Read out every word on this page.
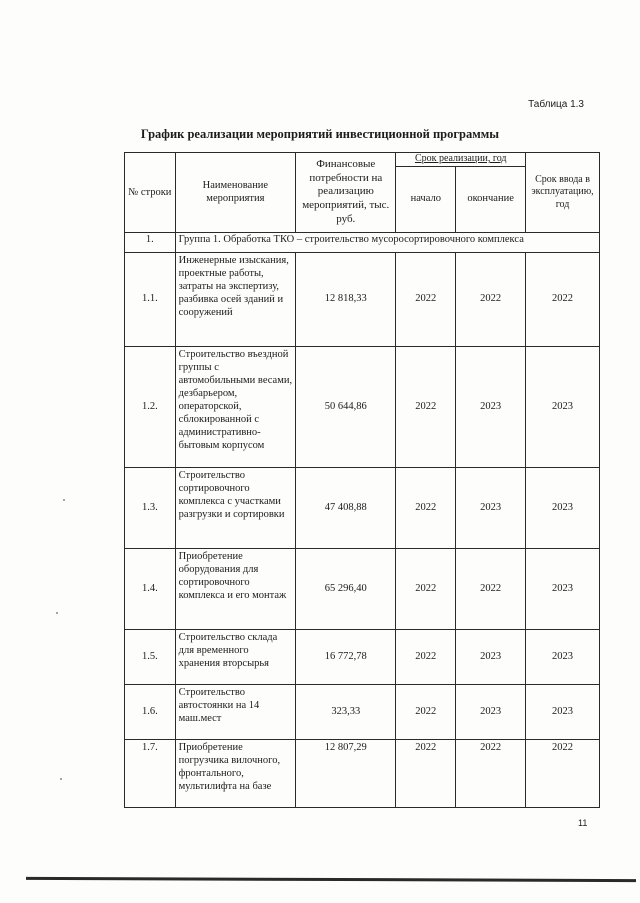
Таблица 1.3
График реализации мероприятий инвестиционной программы
№ строки	Наименование мероприятия	Финансовые потребности на реализацию мероприятий, тыс. руб.	Срок реализации, год		Срок ввода в эксплуатацию, год
			начало	окончание	
1.	Группа 1. Обработка ТКО – строительство мусоросортировочного комплекса				
1.1.	Инженерные изыскания, проектные работы, затраты на экспертизу, разбивка осей зданий и сооружений	12 818,33	2022	2022	2022
1.2.	Строительство въездной группы с автомобильными весами, дезбарьером, операторской, сблокированной с административно-бытовым корпусом	50 644,86	2022	2023	2023
1.3.	Строительство сортировочного комплекса с участками разгрузки и сортировки	47 408,88	2022	2023	2023
1.4.	Приобретение оборудования для сортировочного комплекса и его монтаж	65 296,40	2022	2022	2023
1.5.	Строительство склада для временного хранения вторсырья	16 772,78	2022	2023	2023
1.6.	Строительство автостоянки на 14 маш.мест	323,33	2022	2023	2023
1.7.	Приобретение погрузчика вилочного, фронтального, мультилифта на базе	12 807,29	2022	2022	2022
11
